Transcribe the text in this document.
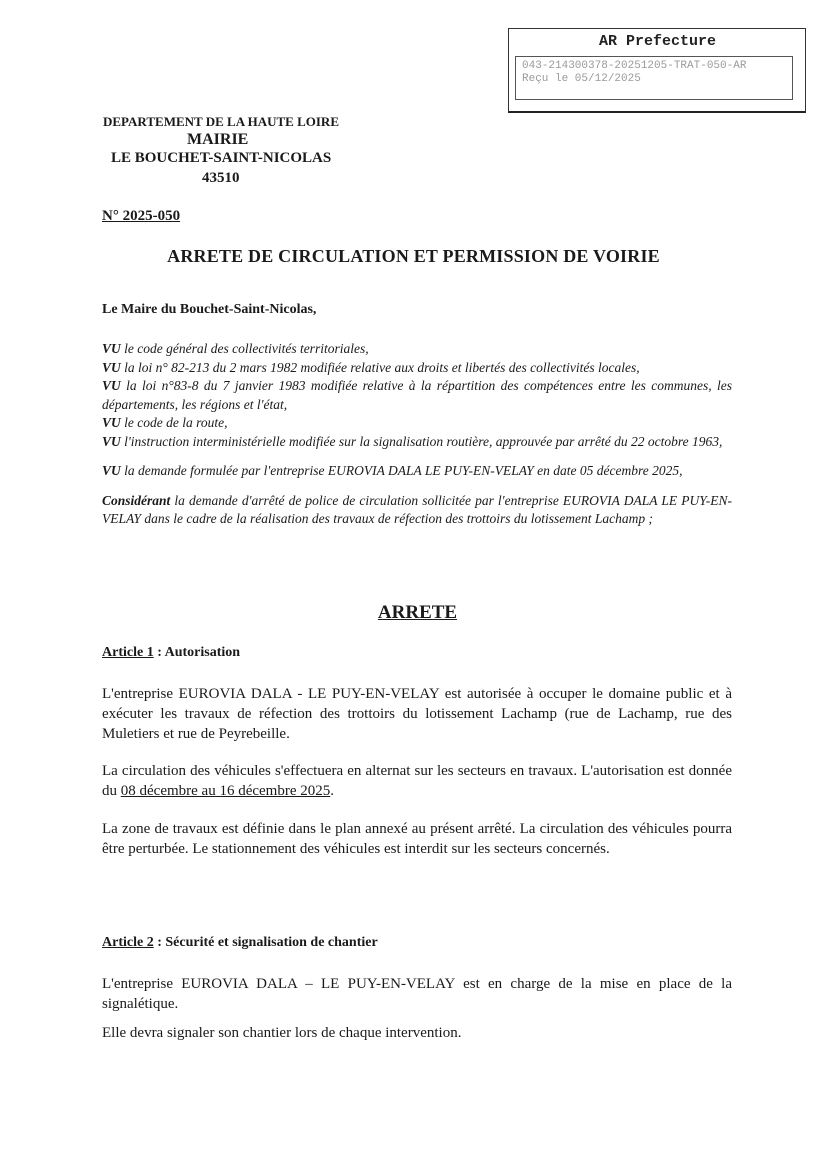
AR Prefecture
043-214300378-20251205-TRAT-050-AR
Reçu le 05/12/2025
DEPARTEMENT DE LA HAUTE LOIRE
MAIRIE
LE BOUCHET-SAINT-NICOLAS
43510
N° 2025-050
ARRETE DE CIRCULATION ET PERMISSION DE VOIRIE
Le Maire du Bouchet-Saint-Nicolas,

VU le code général des collectivités territoriales,

VU la loi n° 82-213 du 2 mars 1982 modifiée relative aux droits et libertés des collectivités locales,

VU la loi n°83-8 du 7 janvier 1983 modifiée relative à la répartition des compétences entre les communes, les départements, les régions et l'état,

VU le code de la route,

VU l'instruction interministérielle modifiée sur la signalisation routière, approuvée par arrêté du 22 octobre 1963,

VU la demande formulée par l'entreprise EUROVIA DALA LE PUY-EN-VELAY en date 05 décembre 2025,

Considérant la demande d'arrêté de police de circulation sollicitée par l'entreprise EUROVIA DALA LE PUY-EN-VELAY dans le cadre de la réalisation des travaux de réfection des trottoirs du lotissement Lachamp ;

ARRETE
Article 1 : Autorisation

L'entreprise EUROVIA DALA - LE PUY-EN-VELAY est autorisée à occuper le domaine public et à exécuter les travaux de réfection des trottoirs du lotissement Lachamp (rue de Lachamp, rue des Muletiers et rue de Peyrebeille.

La circulation des véhicules s'effectuera en alternat sur les secteurs en travaux. L'autorisation est donnée du 08 décembre au 16 décembre 2025.

La zone de travaux est définie dans le plan annexé au présent arrêté. La circulation des véhicules pourra être perturbée. Le stationnement des véhicules est interdit sur les secteurs concernés.

Article 2 : Sécurité et signalisation de chantier

L'entreprise EUROVIA DALA – LE PUY-EN-VELAY est en charge de la mise en place de la signalétique.

Elle devra signaler son chantier lors de chaque intervention.
